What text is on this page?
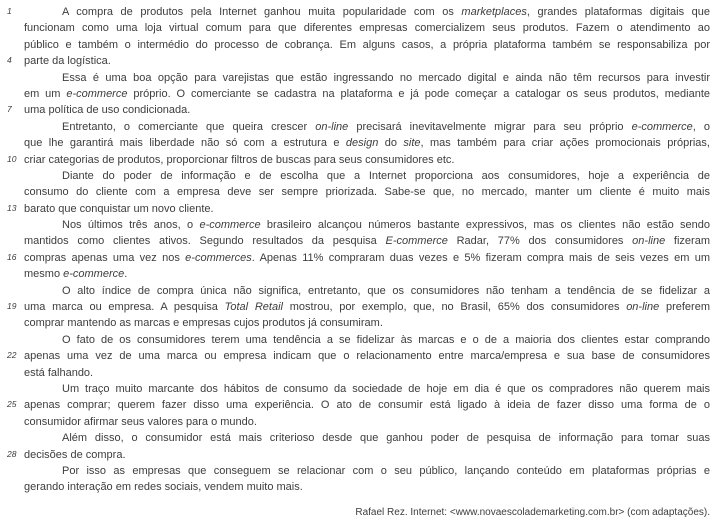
1	A compra de produtos pela Internet ganhou muita popularidade com os marketplaces, grandes plataformas digitais que
funcionam como uma loja virtual comum para que diferentes empresas comercializem seus produtos. Fazem o atendimento ao
público e também o intermédio do processo de cobrança. Em alguns casos, a própria plataforma também se responsabiliza por
4	parte da logística.
Essa é uma boa opção para varejistas que estão ingressando no mercado digital e ainda não têm recursos para investir
em um e-commerce próprio. O comerciante se cadastra na plataforma e já pode começar a catalogar os seus produtos, mediante
7	uma política de uso condicionada.
Entretanto, o comerciante que queira crescer on-line precisará inevitavelmente migrar para seu próprio e-commerce, o
que lhe garantirá mais liberdade não só com a estrutura e design do site, mas também para criar ações promocionais próprias,
10 criar categorias de produtos, proporcionar filtros de buscas para seus consumidores etc.
Diante do poder de informação e de escolha que a Internet proporciona aos consumidores, hoje a experiência de
consumo do cliente com a empresa deve ser sempre priorizada. Sabe-se que, no mercado, manter um cliente é muito mais
13 barato que conquistar um novo cliente.
Nos últimos três anos, o e-commerce brasileiro alcançou números bastante expressivos, mas os clientes não estão sendo
mantidos como clientes ativos. Segundo resultados da pesquisa E-commerce Radar, 77% dos consumidores on-line fizeram
16 compras apenas uma vez nos e-commerces. Apenas 11% compraram duas vezes e 5% fizeram compra mais de seis vezes em um
mesmo e-commerce.
O alto índice de compra única não significa, entretanto, que os consumidores não tenham a tendência de se fidelizar a
19 uma marca ou empresa. A pesquisa Total Retail mostrou, por exemplo, que, no Brasil, 65% dos consumidores on-line preferem
comprar mantendo as marcas e empresas cujos produtos já consumiram.
O fato de os consumidores terem uma tendência a se fidelizar às marcas e o de a maioria dos clientes estar comprando
22 apenas uma vez de uma marca ou empresa indicam que o relacionamento entre marca/empresa e sua base de consumidores
está falhando.
Um traço muito marcante dos hábitos de consumo da sociedade de hoje em dia é que os compradores não querem mais
25 apenas comprar; querem fazer disso uma experiência. O ato de consumir está ligado à ideia de fazer disso uma forma de o
consumidor afirmar seus valores para o mundo.
Além disso, o consumidor está mais criterioso desde que ganhou poder de pesquisa de informação para tomar suas
28 decisões de compra.
Por isso as empresas que conseguem se relacionar com o seu público, lançando conteúdo em plataformas próprias e
gerando interação em redes sociais, vendem muito mais.
Rafael Rez. Internet: <www.novaescolademarketing.com.br> (com adaptações).
